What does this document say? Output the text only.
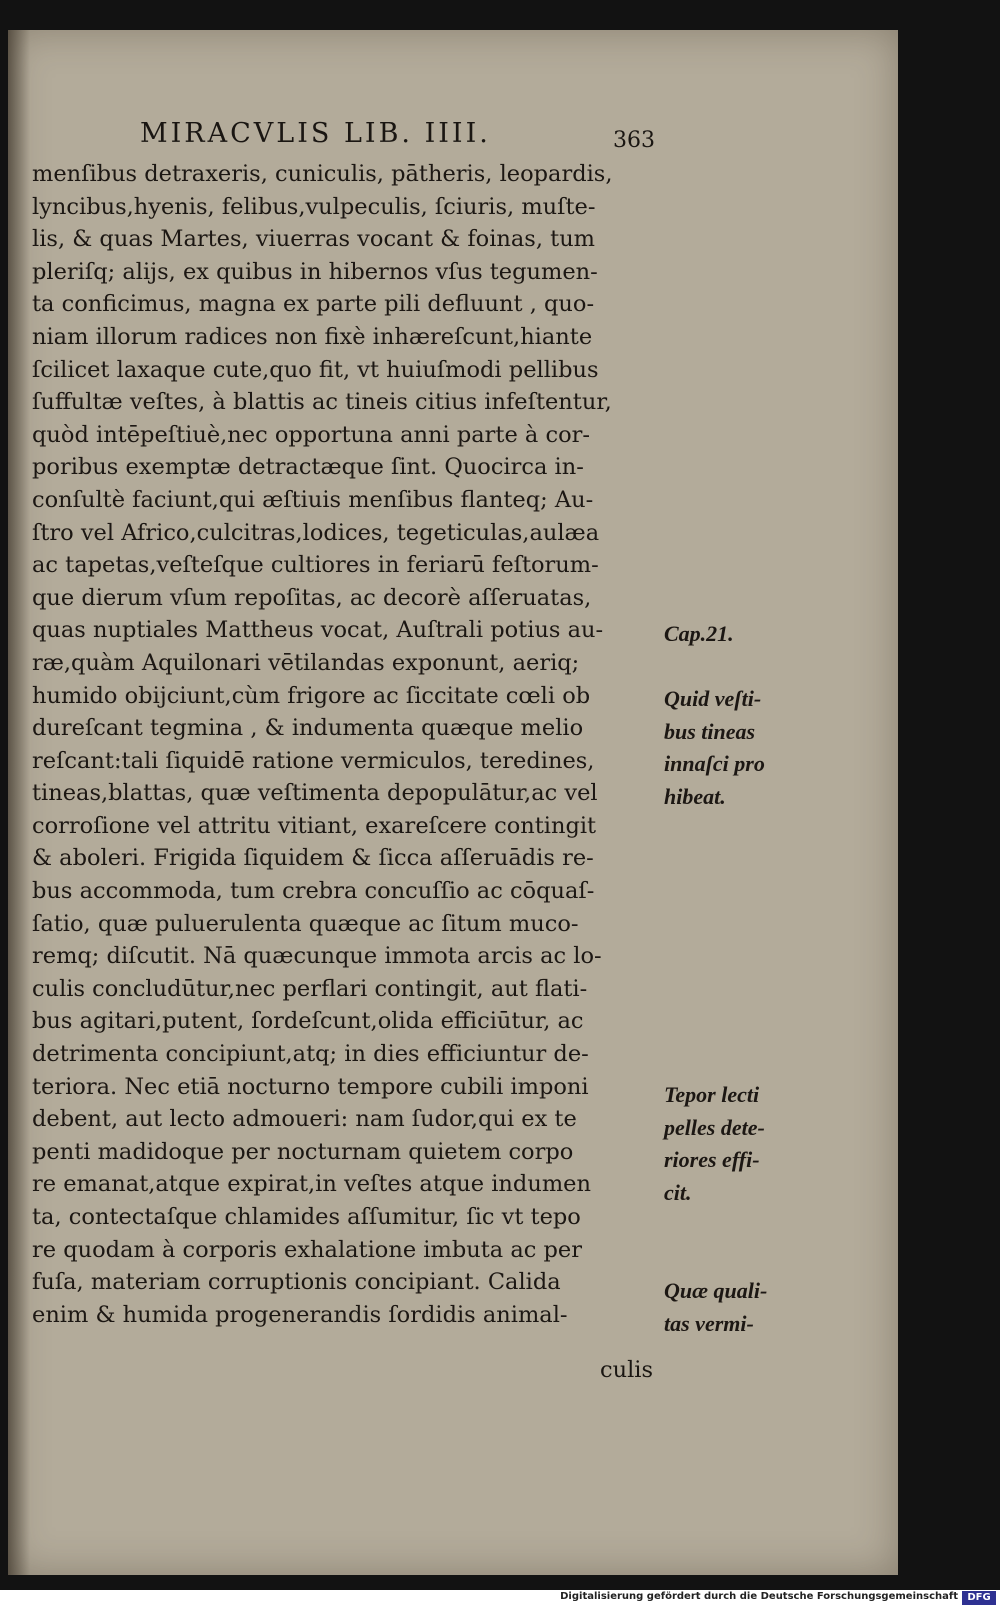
MIRACVLIS LIB. IIII.	363
menſibus detraxeris, cuniculis, pātheris, leopardis,
lyncibus,hyenis, felibus,vulpeculis, ſciuris, muſte-
lis, & quas Martes, viuerras vocant & foinas, tum
pleriſq; alijs, ex quibus in hibernos vſus tegumen-
ta conficimus, magna ex parte pili defluunt , quo-
niam illorum radices non fixè inhæreſcunt,hiante
ſcilicet laxaque cute,quo fit, vt huiuſmodi pellibus
ſuffultæ veſtes, à blattis ac tineis citius infeſtentur,
quòd intēpeſtiuè,nec opportuna anni parte à cor-
poribus exemptæ detractæque ſint. Quocirca in-
conſultè faciunt,qui æſtiuis menſibus flanteq; Au-
ſtro vel Africo,culcitras,lodices, tegeticulas,aulæa
ac tapetas,veſteſque cultiores in feriarū feſtorum-
que dierum vſum repoſitas, ac decorè aſſeruatas,
quas nuptiales Mattheus vocat, Auſtrali potius au-
ræ,quàm Aquilonari vētilandas exponunt, aeriq;
humido obijciunt,cùm frigore ac ſiccitate cœli ob
dureſcant tegmina , & indumenta quæque melio
reſcant:tali ſiquidē ratione vermiculos, teredines,
tineas,blattas, quæ veſtimenta depopulātur,ac vel
corroſione vel attritu vitiant, exareſcere contingit
& aboleri. Frigida ſiquidem & ſicca aſſeruādis re-
bus accommoda, tum crebra concuſſio ac cōquaſ-
ſatio, quæ puluerulenta quæque ac ſitum muco-
remq; diſcutit. Nā quæcunque immota arcis ac lo-
culis concludūtur,nec perflari contingit, aut flati-
bus agitari,putent, ſordeſcunt,olida efficiūtur, ac
detrimenta concipiunt,atq; in dies efficiuntur de-
teriora. Nec etiā nocturno tempore cubili imponi
debent, aut lecto admoueri: nam ſudor,qui ex te
penti madidoque per nocturnam quietem corpo
re emanat,atque expirat,in veſtes atque indumen
ta, contectaſque chlamides aſſumitur, ſic vt tepo
re quodam à corporis exhalatione imbuta ac per
fuſa, materiam corruptionis concipiant. Calida
enim & humida progenerandis ſordidis animal-
Cap.21.
Quid veſti-
bus tineas
innaſci pro
hibeat.
Tepor lecti
pelles dete-
riores effi-
cit.
Quæ quali-
tas vermi-
culis
Digitalisierung gefördert durch die Deutsche Forschungsgemeinschaft DFG
